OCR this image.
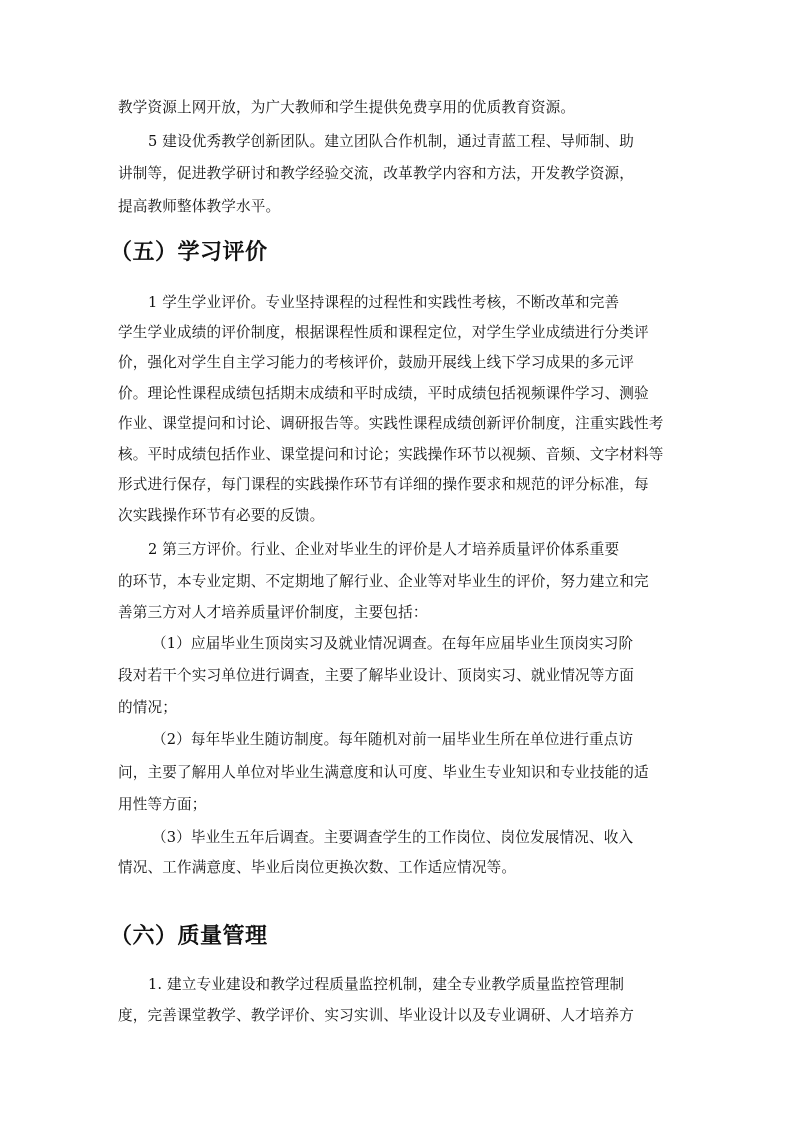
教学资源上网开放，为广大教师和学生提供免费享用的优质教育资源。
5 建设优秀教学创新团队。建立团队合作机制，通过青蓝工程、导师制、助
讲制等，促进教学研讨和教学经验交流，改革教学内容和方法，开发教学资源，
提高教师整体教学水平。
（五）学习评价
1 学生学业评价。专业坚持课程的过程性和实践性考核，不断改革和完善
学生学业成绩的评价制度，根据课程性质和课程定位，对学生学业成绩进行分类评
价，强化对学生自主学习能力的考核评价，鼓励开展线上线下学习成果的多元评
价。理论性课程成绩包括期末成绩和平时成绩，平时成绩包括视频课件学习、测验
作业、课堂提问和讨论、调研报告等。实践性课程成绩创新评价制度，注重实践性考
核。平时成绩包括作业、课堂提问和讨论；实践操作环节以视频、音频、文字材料等
形式进行保存，每门课程的实践操作环节有详细的操作要求和规范的评分标准，每
次实践操作环节有必要的反馈。
2 第三方评价。行业、企业对毕业生的评价是人才培养质量评价体系重要
的环节，本专业定期、不定期地了解行业、企业等对毕业生的评价，努力建立和完
善第三方对人才培养质量评价制度，主要包括：
（1）应届毕业生顶岗实习及就业情况调查。在每年应届毕业生顶岗实习阶
段对若干个实习单位进行调查，主要了解毕业设计、顶岗实习、就业情况等方面
的情况；
（2）每年毕业生随访制度。每年随机对前一届毕业生所在单位进行重点访
问，主要了解用人单位对毕业生满意度和认可度、毕业生专业知识和专业技能的适
用性等方面；
（3）毕业生五年后调查。主要调查学生的工作岗位、岗位发展情况、收入
情况、工作满意度、毕业后岗位更换次数、工作适应情况等。
（六）质量管理
1. 建立专业建设和教学过程质量监控机制，建全专业教学质量监控管理制
度，完善课堂教学、教学评价、实习实训、毕业设计以及专业调研、人才培养方
